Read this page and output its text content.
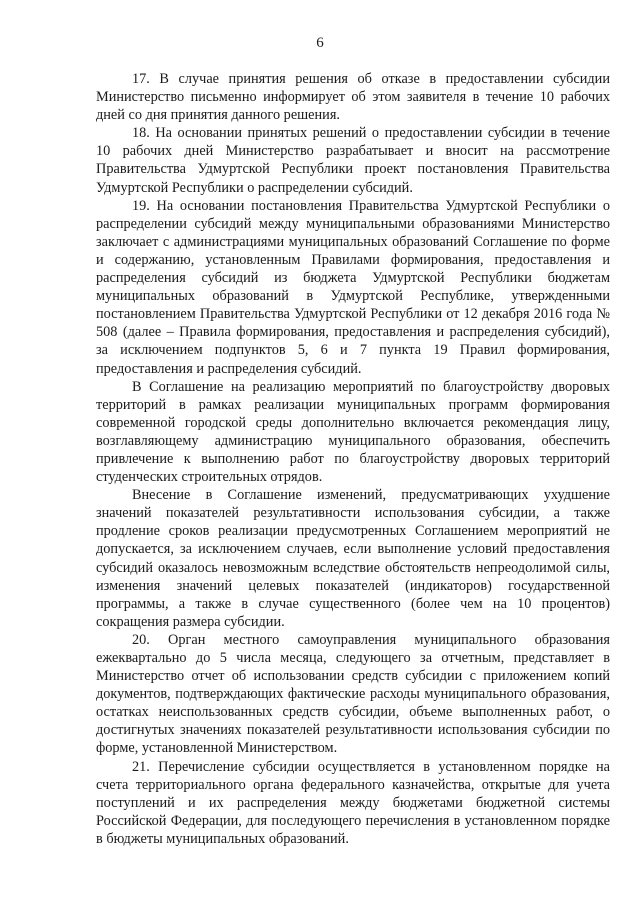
6

17. В случае принятия решения об отказе в предоставлении субсидии Министерство письменно информирует об этом заявителя в течение 10 рабочих дней со дня принятия данного решения.

18. На основании принятых решений о предоставлении субсидии в течение 10 рабочих дней Министерство разрабатывает и вносит на рассмотрение Правительства Удмуртской Республики проект постановления Правительства Удмуртской Республики о распределении субсидий.

19. На основании постановления Правительства Удмуртской Республики о распределении субсидий между муниципальными образованиями Министерство заключает с администрациями муниципальных образований Соглашение по форме и содержанию, установленным Правилами формирования, предоставления и распределения субсидий из бюджета Удмуртской Республики бюджетам муниципальных образований в Удмуртской Республике, утвержденными постановлением Правительства Удмуртской Республики от 12 декабря 2016 года № 508 (далее – Правила формирования, предоставления и распределения субсидий), за исключением подпунктов 5, 6 и 7 пункта 19 Правил формирования, предоставления и распределения субсидий.

В Соглашение на реализацию мероприятий по благоустройству дворовых территорий в рамках реализации муниципальных программ формирования современной городской среды дополнительно включается рекомендация лицу, возглавляющему администрацию муниципального образования, обеспечить привлечение к выполнению работ по благоустройству дворовых территорий студенческих строительных отрядов.

Внесение в Соглашение изменений, предусматривающих ухудшение значений показателей результативности использования субсидии, а также продление сроков реализации предусмотренных Соглашением мероприятий не допускается, за исключением случаев, если выполнение условий предоставления субсидий оказалось невозможным вследствие обстоятельств непреодолимой силы, изменения значений целевых показателей (индикаторов) государственной программы, а также в случае существенного (более чем на 10 процентов) сокращения размера субсидии.

20. Орган местного самоуправления муниципального образования ежеквартально до 5 числа месяца, следующего за отчетным, представляет в Министерство отчет об использовании средств субсидии с приложением копий документов, подтверждающих фактические расходы муниципального образования, остатках неиспользованных средств субсидии, объеме выполненных работ, о достигнутых значениях показателей результативности использования субсидии по форме, установленной Министерством.

21. Перечисление субсидии осуществляется в установленном порядке на счета территориального органа федерального казначейства, открытые для учета поступлений и их распределения между бюджетами бюджетной системы Российской Федерации, для последующего перечисления в установленном порядке в бюджеты муниципальных образований.
